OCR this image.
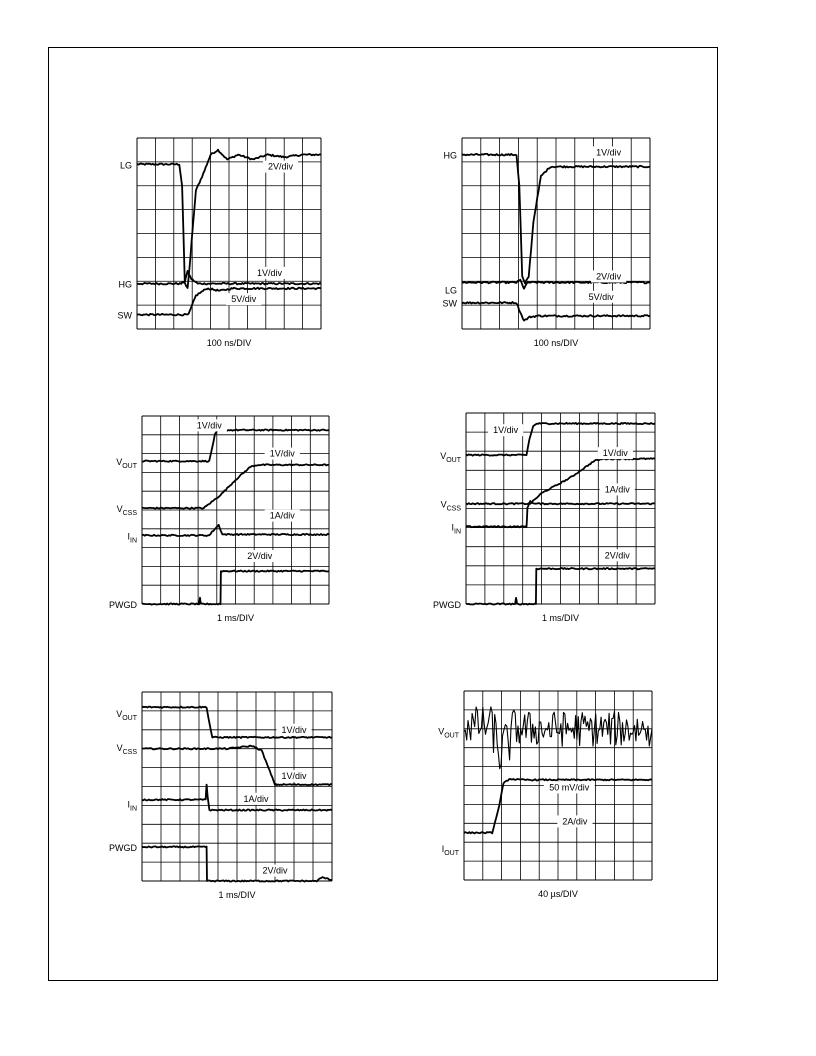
LG
HG
SW
2V/div
1V/div
5V/div
100 ns/DIV
HG
LG
SW
1V/div
2V/div
5V/div
100 ns/DIV
$V_{OUT}$
$V_{CSS}$
$I_{IN}$
PWGD
1V/div
1V/div
1A/div
2V/div
1 ms/DIV
$V_{OUT}$
$V_{CSS}$
$I_{IN}$
PWGD
1V/div
1V/div
1A/div
2V/div
1 ms/DIV
$V_{OUT}$
$V_{CSS}$
$I_{IN}$
PWGD
1V/div
1V/div
1A/div
2V/div
1 ms/DIV
$V_{OUT}$
$I_{OUT}$
50 mV/div
2A/div
40 µs/DIV
